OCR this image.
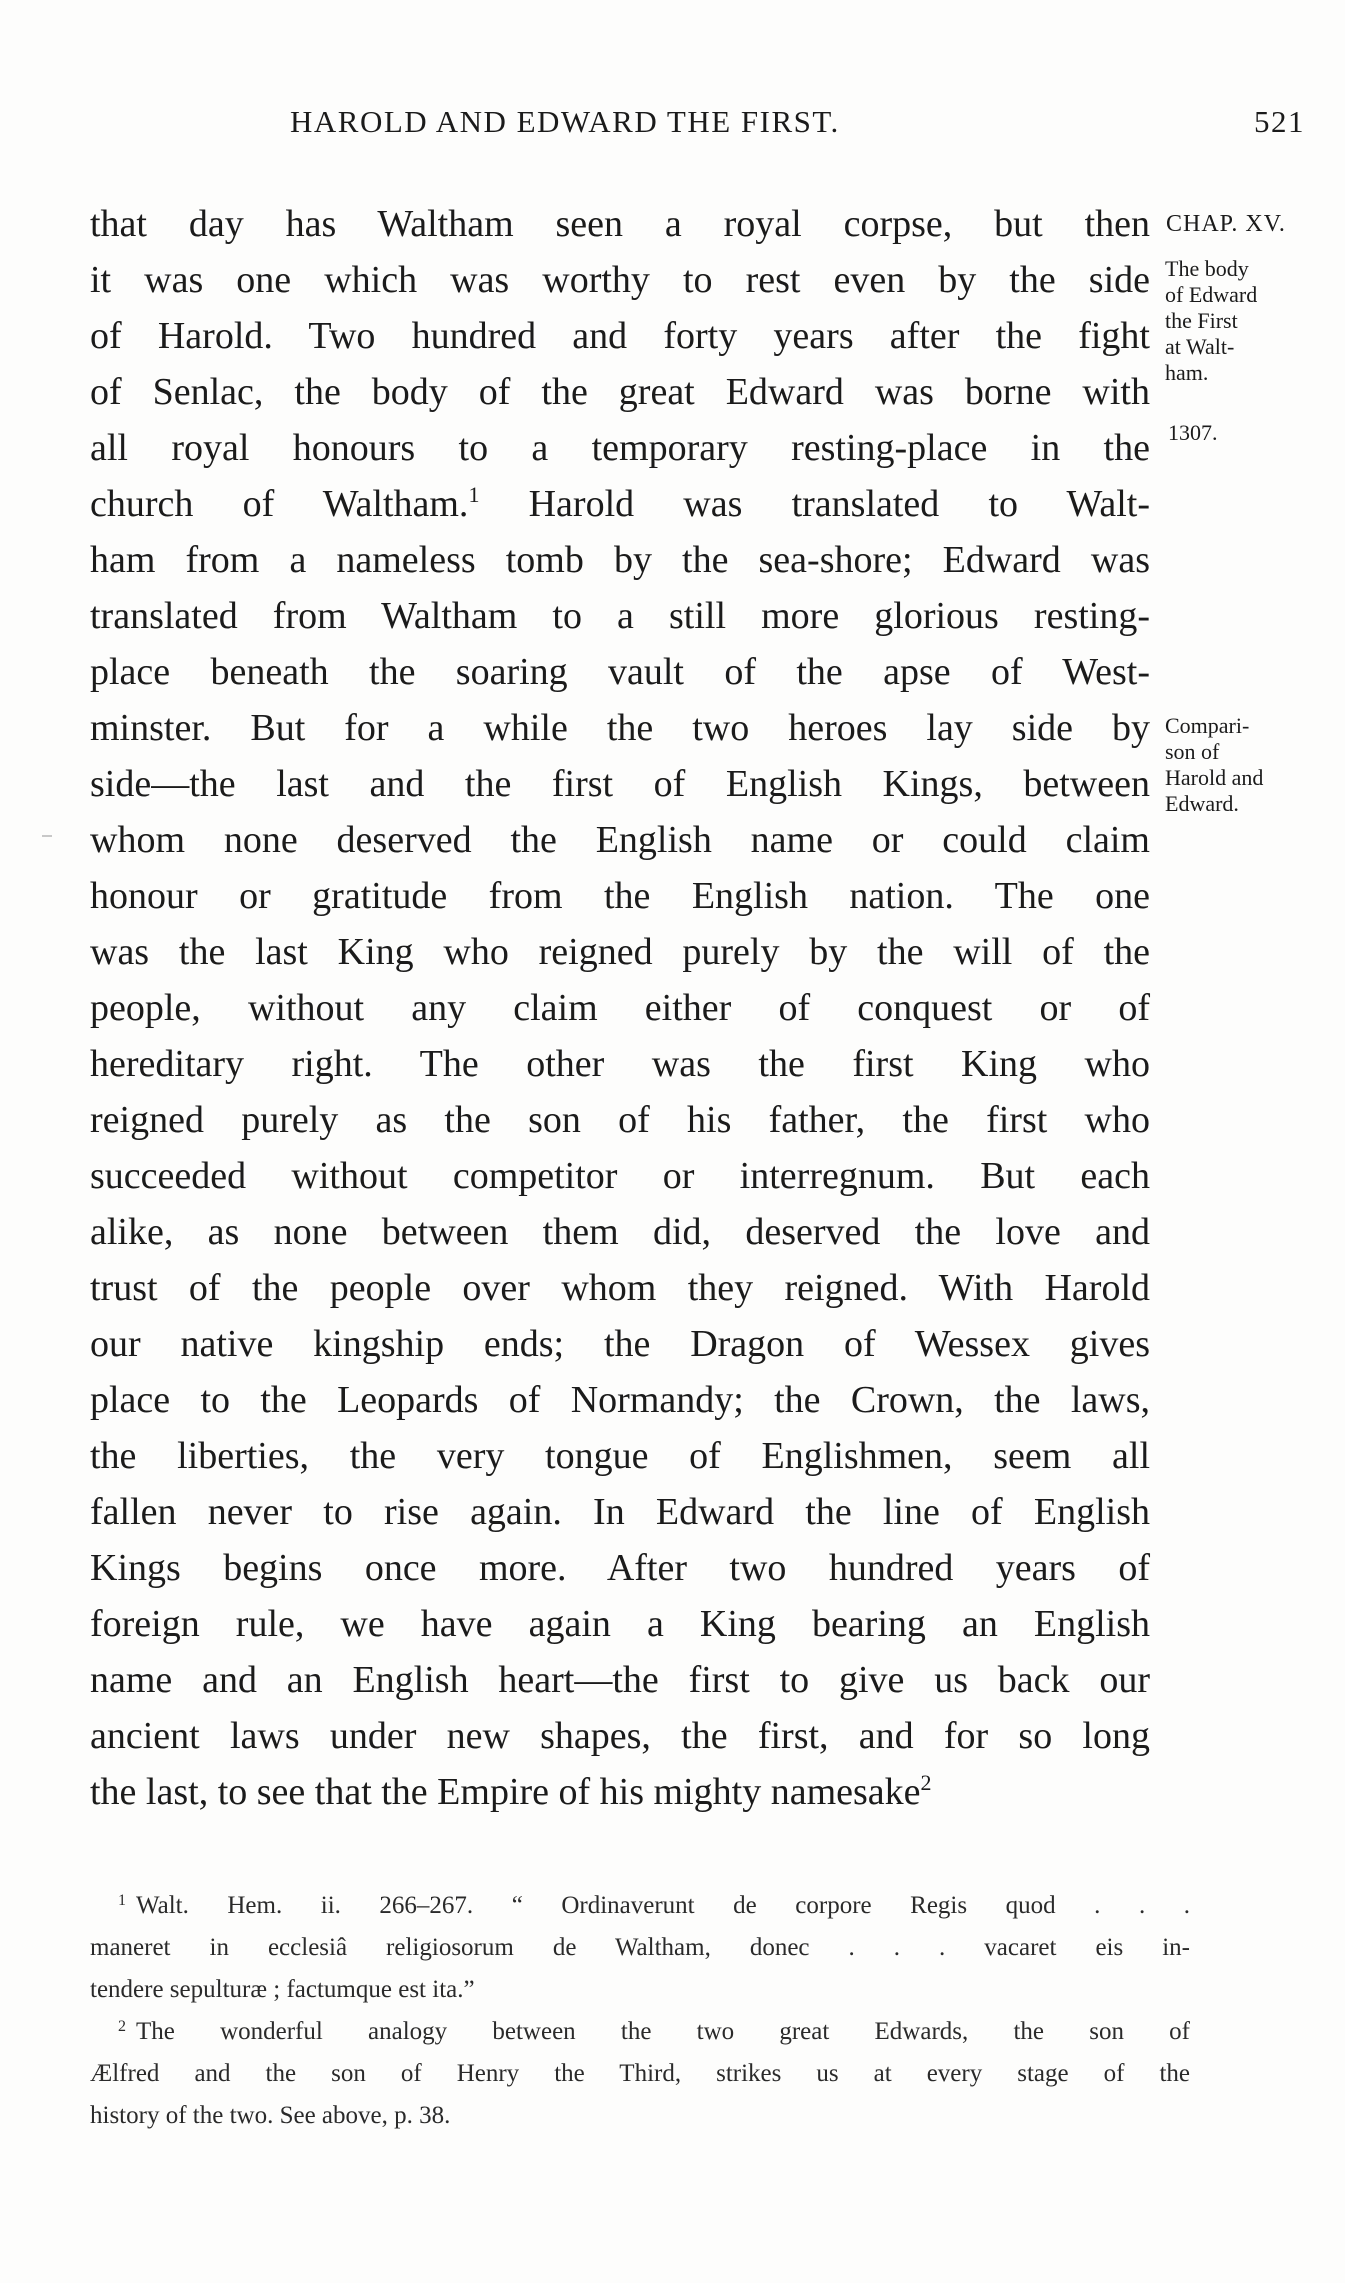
HAROLD AND EDWARD THE FIRST.	521
CHAP. XV.
The body
of Edward
the First
at Walt-
ham.
1307.
Compari-
son of
Harold and
Edward.
that day has Waltham seen a royal corpse, but then
it was one which was worthy to rest even by the side
of Harold. Two hundred and forty years after the fight
of Senlac, the body of the great Edward was borne with
all royal honours to a temporary resting-place in the
church of Waltham.$^1$ Harold was translated to Walt-
ham from a nameless tomb by the sea-shore; Edward was
translated from Waltham to a still more glorious resting-
place beneath the soaring vault of the apse of West-
minster. But for a while the two heroes lay side by
side—the last and the first of English Kings, between
whom none deserved the English name or could claim
honour or gratitude from the English nation. The one
was the last King who reigned purely by the will of the
people, without any claim either of conquest or of
hereditary right. The other was the first King who
reigned purely as the son of his father, the first who
succeeded without competitor or interregnum. But each
alike, as none between them did, deserved the love and
trust of the people over whom they reigned. With Harold
our native kingship ends; the Dragon of Wessex gives
place to the Leopards of Normandy; the Crown, the laws,
the liberties, the very tongue of Englishmen, seem all
fallen never to rise again. In Edward the line of English
Kings begins once more. After two hundred years of
foreign rule, we have again a King bearing an English
name and an English heart—the first to give us back our
ancient laws under new shapes, the first, and for so long
the last, to see that the Empire of his mighty namesake$^2$
$^1$ Walt. Hem. ii. 266–267. “ Ordinaverunt de corpore Regis quod . . .
maneret in ecclesiâ religiosorum de Waltham, donec . . . vacaret eis in-
tendere sepulturæ ; factumque est ita.”
$^2$ The wonderful analogy between the two great Edwards, the son of
Ælfred and the son of Henry the Third, strikes us at every stage of the
history of the two. See above, p. 38.
